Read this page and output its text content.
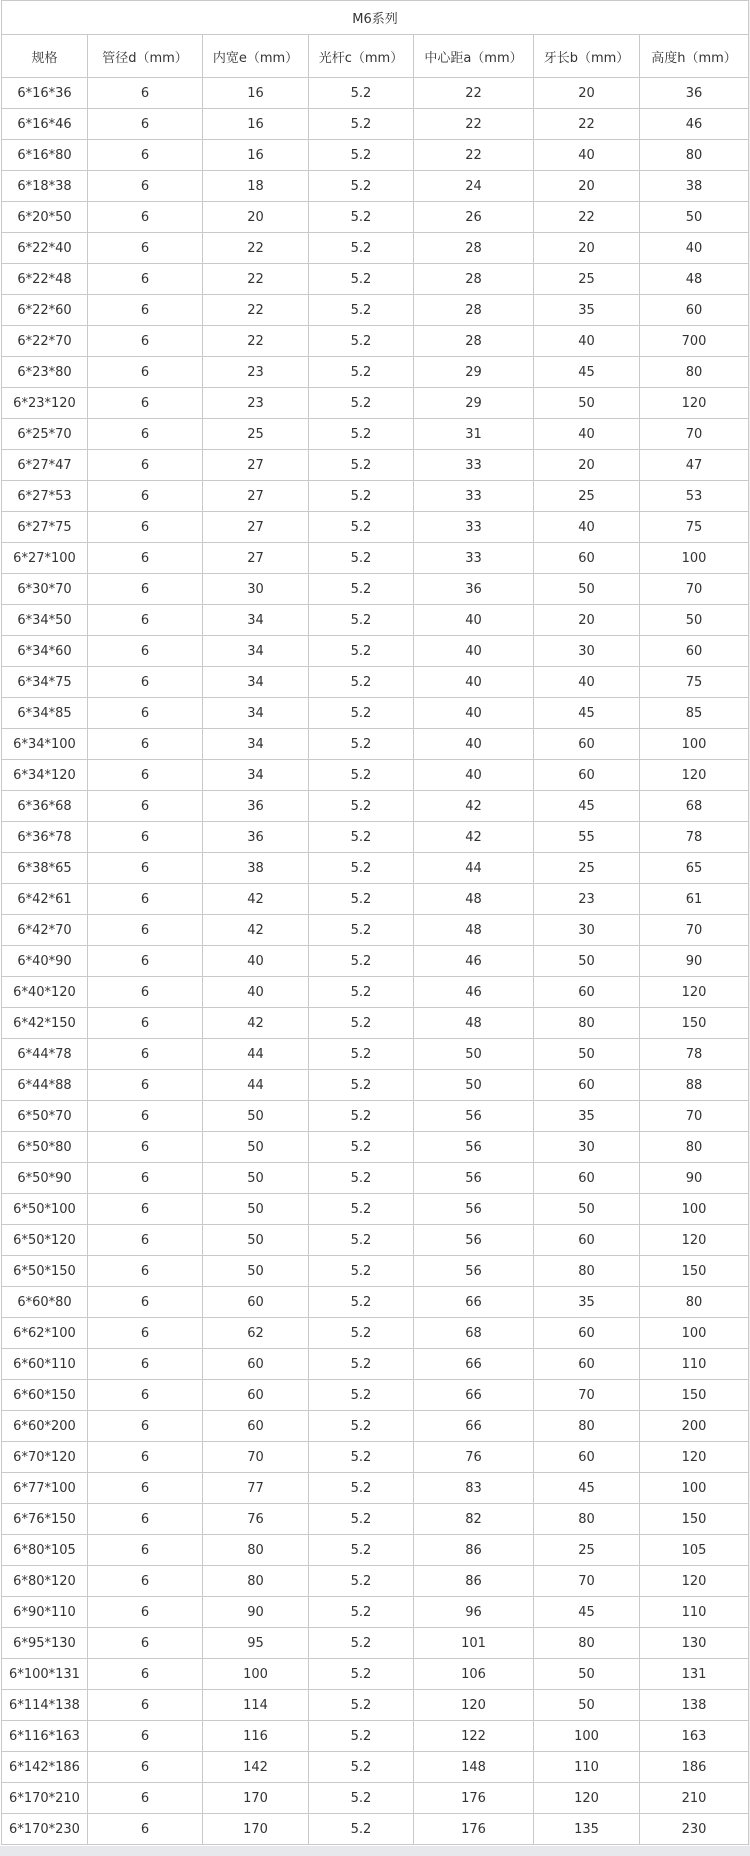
M6系列						
规格	管径d（mm）	内宽e（mm）	光杆c（mm）	中心距a（mm）	牙长b（mm）	高度h（mm）
6*16*36	6	16	5.2	22	20	36
6*16*46	6	16	5.2	22	22	46
6*16*80	6	16	5.2	22	40	80
6*18*38	6	18	5.2	24	20	38
6*20*50	6	20	5.2	26	22	50
6*22*40	6	22	5.2	28	20	40
6*22*48	6	22	5.2	28	25	48
6*22*60	6	22	5.2	28	35	60
6*22*70	6	22	5.2	28	40	700
6*23*80	6	23	5.2	29	45	80
6*23*120	6	23	5.2	29	50	120
6*25*70	6	25	5.2	31	40	70
6*27*47	6	27	5.2	33	20	47
6*27*53	6	27	5.2	33	25	53
6*27*75	6	27	5.2	33	40	75
6*27*100	6	27	5.2	33	60	100
6*30*70	6	30	5.2	36	50	70
6*34*50	6	34	5.2	40	20	50
6*34*60	6	34	5.2	40	30	60
6*34*75	6	34	5.2	40	40	75
6*34*85	6	34	5.2	40	45	85
6*34*100	6	34	5.2	40	60	100
6*34*120	6	34	5.2	40	60	120
6*36*68	6	36	5.2	42	45	68
6*36*78	6	36	5.2	42	55	78
6*38*65	6	38	5.2	44	25	65
6*42*61	6	42	5.2	48	23	61
6*42*70	6	42	5.2	48	30	70
6*40*90	6	40	5.2	46	50	90
6*40*120	6	40	5.2	46	60	120
6*42*150	6	42	5.2	48	80	150
6*44*78	6	44	5.2	50	50	78
6*44*88	6	44	5.2	50	60	88
6*50*70	6	50	5.2	56	35	70
6*50*80	6	50	5.2	56	30	80
6*50*90	6	50	5.2	56	60	90
6*50*100	6	50	5.2	56	50	100
6*50*120	6	50	5.2	56	60	120
6*50*150	6	50	5.2	56	80	150
6*60*80	6	60	5.2	66	35	80
6*62*100	6	62	5.2	68	60	100
6*60*110	6	60	5.2	66	60	110
6*60*150	6	60	5.2	66	70	150
6*60*200	6	60	5.2	66	80	200
6*70*120	6	70	5.2	76	60	120
6*77*100	6	77	5.2	83	45	100
6*76*150	6	76	5.2	82	80	150
6*80*105	6	80	5.2	86	25	105
6*80*120	6	80	5.2	86	70	120
6*90*110	6	90	5.2	96	45	110
6*95*130	6	95	5.2	101	80	130
6*100*131	6	100	5.2	106	50	131
6*114*138	6	114	5.2	120	50	138
6*116*163	6	116	5.2	122	100	163
6*142*186	6	142	5.2	148	110	186
6*170*210	6	170	5.2	176	120	210
6*170*230	6	170	5.2	176	135	230
